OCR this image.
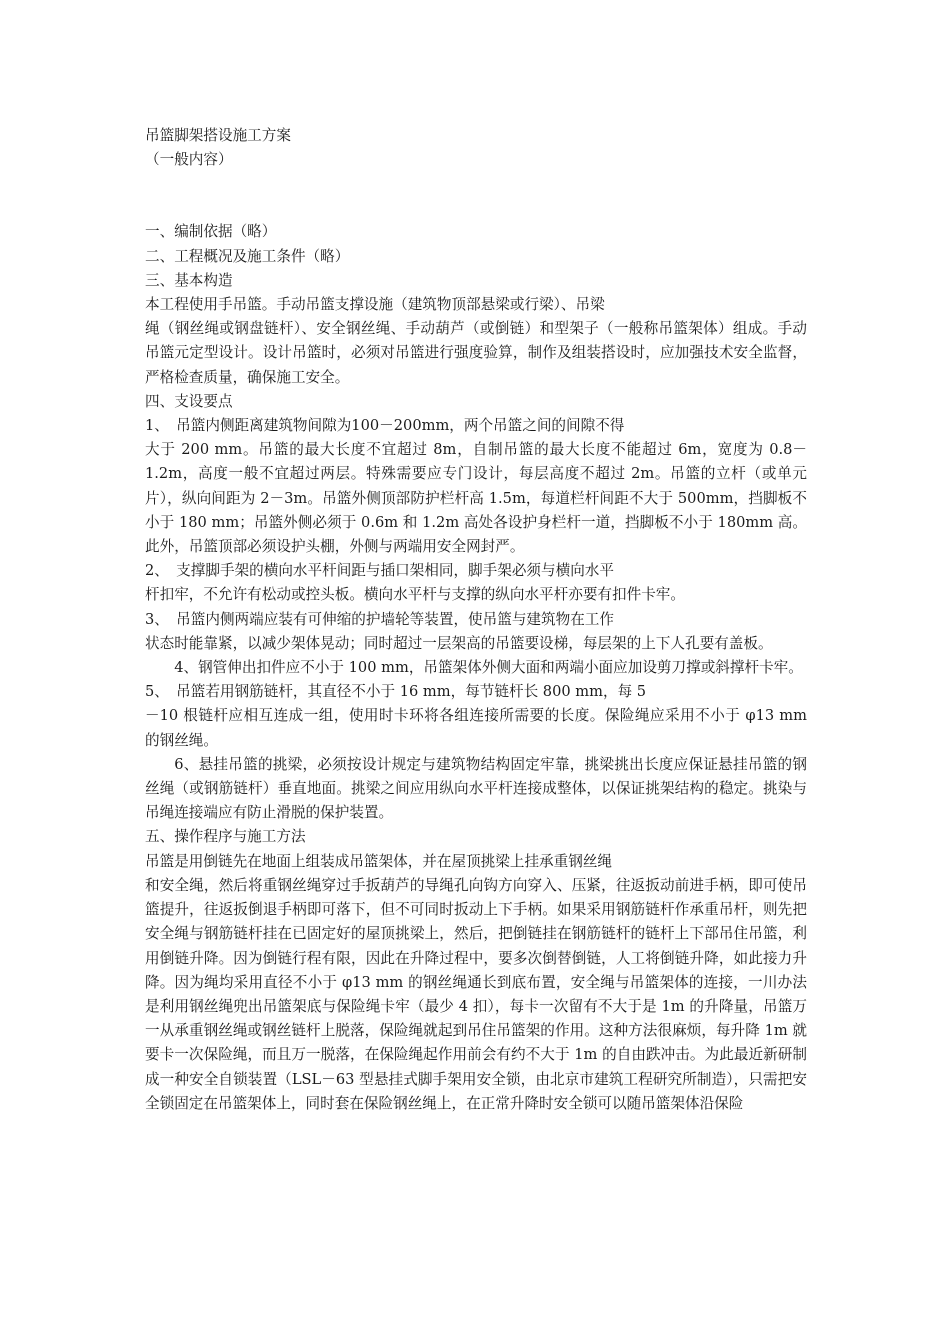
吊篮脚架搭设施工方案
（一般内容）
一、编制依据（略）
二、工程概况及施工条件（略）
三、基本构造
本工程使用手吊篮。手动吊篮支撑设施（建筑物顶部悬梁或行梁）、吊梁
绳（钢丝绳或钢盘链杆）、安全钢丝绳、手动葫芦（或倒链）和型架子（一般称吊篮架体）组成。手动吊篮元定型设计。设计吊篮时，必须对吊篮进行强度验算，制作及组装搭设时，应加强技术安全监督，严格检查质量，确保施工安全。
四、支设要点
1、　吊篮内侧距离建筑物间隙为100－200mm，两个吊篮之间的间隙不得
大于 200 mm。吊篮的最大长度不宜超过 8m，自制吊篮的最大长度不能超过 6m，宽度为 0.8－1.2m，高度一般不宜超过两层。特殊需要应专门设计，每层高度不超过 2m。吊篮的立杆（或单元片），纵向间距为 2－3m。吊篮外侧顶部防护栏杆高 1.5m，每道栏杆间距不大于 500mm，挡脚板不小于 180 mm；吊篮外侧必须于 0.6m 和 1.2m 高处各设护身栏杆一道，挡脚板不小于 180mm 高。此外，吊篮顶部必须设护头棚，外侧与两端用安全网封严。
2、　支撑脚手架的横向水平杆间距与插口架相同，脚手架必须与横向水平
杆扣牢，不允许有松动或控头板。横向水平杆与支撑的纵向水平杆亦要有扣件卡牢。
3、　吊篮内侧两端应装有可伸缩的护墙轮等装置，使吊篮与建筑物在工作
状态时能靠紧，以减少架体晃动；同时超过一层架高的吊篮要设梯，每层架的上下人孔要有盖板。
4、钢管伸出扣件应不小于 100 mm，吊篮架体外侧大面和两端小面应加设剪刀撑或斜撑杆卡牢。
5、　吊篮若用钢筋链杆，其直径不小于 16 mm，每节链杆长 800 mm，每 5
－10 根链杆应相互连成一组，使用时卡环将各组连接所需要的长度。保险绳应采用不小于 φ13 mm 的钢丝绳。
6、悬挂吊篮的挑梁，必须按设计规定与建筑物结构固定牢靠，挑梁挑出长度应保证悬挂吊篮的钢丝绳（或钢筋链杆）垂直地面。挑梁之间应用纵向水平杆连接成整体，以保证挑架结构的稳定。挑染与吊绳连接端应有防止滑脱的保护装置。
五、操作程序与施工方法
吊篮是用倒链先在地面上组装成吊篮架体，并在屋顶挑梁上挂承重钢丝绳
和安全绳，然后将重钢丝绳穿过手扳葫芦的导绳孔向钩方向穿入、压紧，往返扳动前进手柄，即可使吊篮提升，往返扳倒退手柄即可落下，但不可同时扳动上下手柄。如果采用钢筋链杆作承重吊杆，则先把安全绳与钢筋链杆挂在已固定好的屋顶挑梁上，然后，把倒链挂在钢筋链杆的链杆上下部吊住吊篮，利用倒链升降。因为倒链行程有限，因此在升降过程中，要多次倒替倒链，人工将倒链升降，如此接力升降。因为绳均采用直径不小于 φ13 mm 的钢丝绳通长到底布置，安全绳与吊篮架体的连接，一川办法是利用钢丝绳兜出吊篮架底与保险绳卡牢（最少 4 扣），每卡一次留有不大于是 1m 的升降量，吊篮万一从承重钢丝绳或钢丝链杆上脱落，保险绳就起到吊住吊篮架的作用。这种方法很麻烦，每升降 1m 就要卡一次保险绳，而且万一脱落，在保险绳起作用前会有约不大于 1m 的自由跌冲击。为此最近新研制成一种安全自锁装置（LSL－63 型悬挂式脚手架用安全锁，由北京市建筑工程研究所制造），只需把安全锁固定在吊篮架体上，同时套在保险钢丝绳上，在正常升降时安全锁可以随吊篮架体沿保险
